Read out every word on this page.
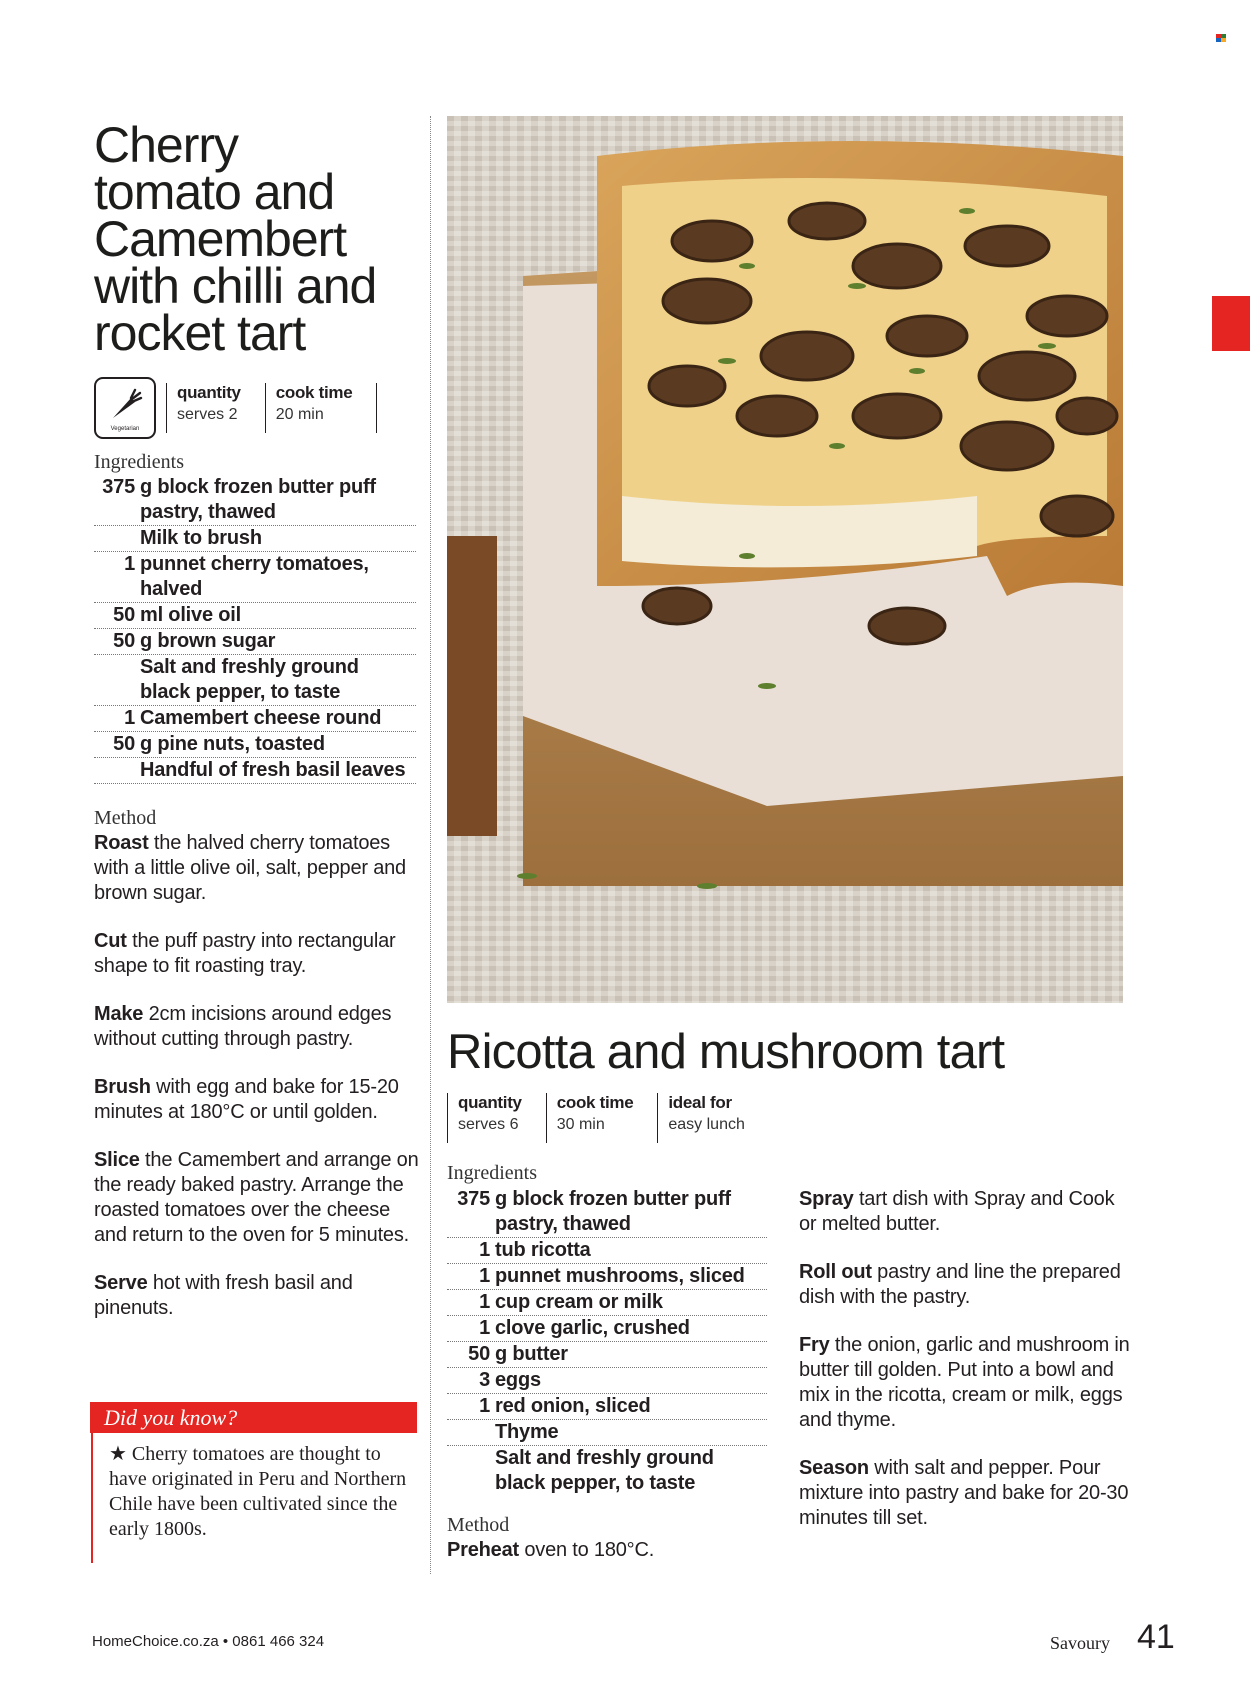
Cherry
tomato and
Camembert
with chilli and
rocket tart
Vegetarian
quantity
serves 2
cook time
20 min
Ingredients
375 g block frozen butter puff
pastry, thawed
Milk to brush
1 punnet cherry tomatoes,
halved
50 ml olive oil
50 g brown sugar
Salt and freshly ground
black pepper, to taste
1 Camembert cheese round
50 g pine nuts, toasted
Handful of fresh basil leaves
Method

Roast the halved cherry tomatoes with a little olive oil, salt, pepper and brown sugar.

Cut the puff pastry into rectangular shape to fit roasting tray.

Make 2cm incisions around edges without cutting through pastry.

Brush with egg and bake for 15-20 minutes at 180°C or until golden.

Slice the Camembert and arrange on the ready baked pastry. Arrange the roasted tomatoes over the cheese and return to the oven for 5 minutes.

Serve hot with fresh basil and pinenuts.

Did you know?
★ Cherry tomatoes are thought to have originated in Peru and Northern Chile have been cultivated since the early 1800s.
Ricotta and mushroom tart
quantity
serves 6
cook time
30 min
ideal for
easy lunch
Ingredients
375 g block frozen butter puff
pastry, thawed
1 tub ricotta
1 punnet mushrooms, sliced
1 cup cream or milk
1 clove garlic, crushed
50 g butter
3 eggs
1 red onion, sliced
Thyme
Salt and freshly ground
black pepper, to taste
Method

Preheat oven to 180°C.

Spray tart dish with Spray and Cook or melted butter.

Roll out pastry and line the prepared dish with the pastry.

Fry the onion, garlic and mushroom in butter till golden. Put into a bowl and mix in the ricotta, cream or milk, eggs and thyme.

Season with salt and pepper. Pour mixture into pastry and bake for 20-30 minutes till set.

HomeChoice.co.za • 0861 466 324	Savoury 41
